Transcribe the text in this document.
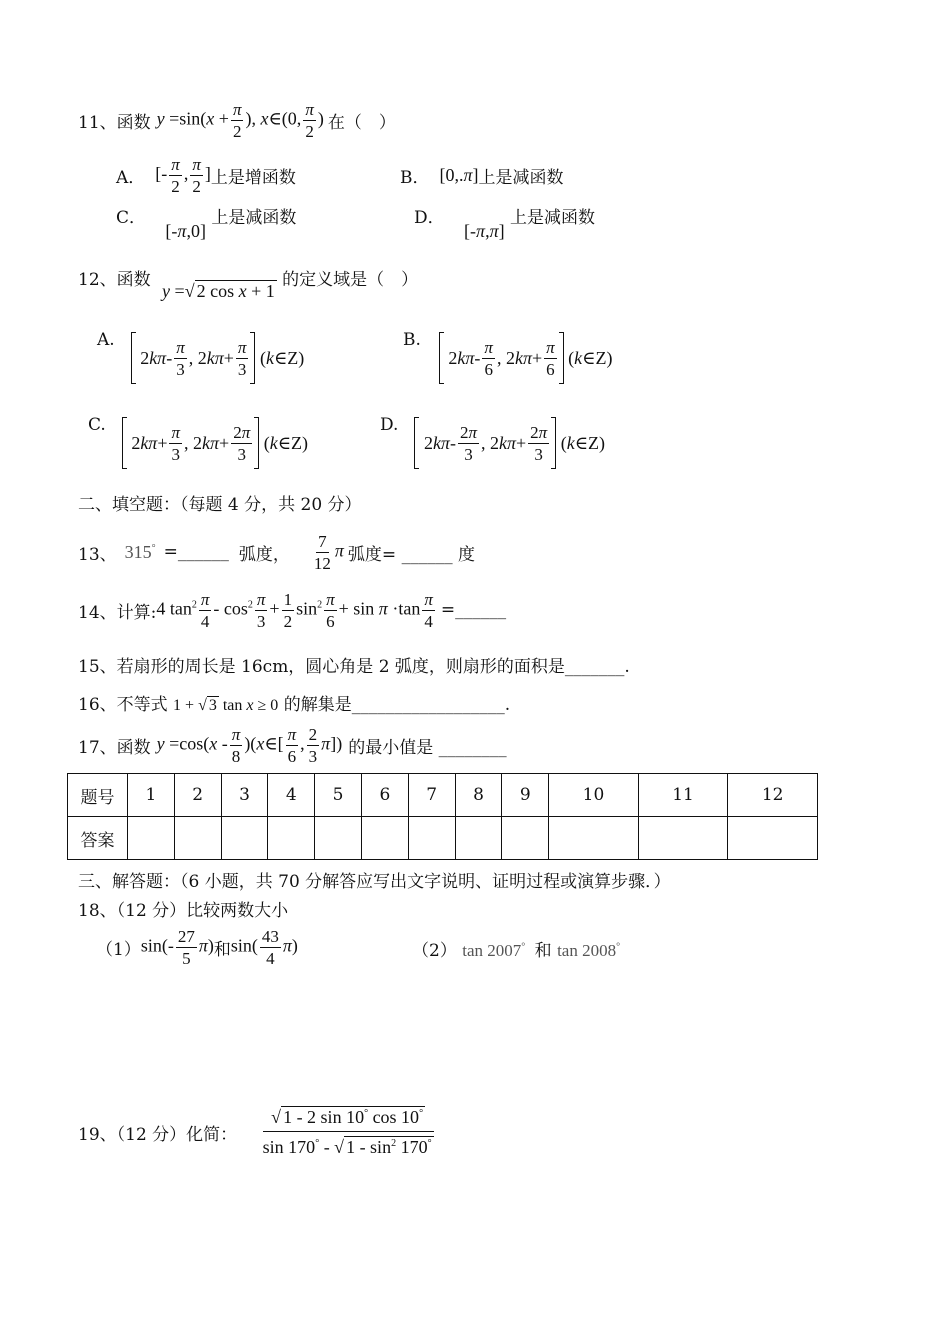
11、函数 $y =\sin(x + \frac{\pi}{2}$ ), x∈(0, $\frac{\pi}{2}$ ) 在（　）
A． [- $\frac{\pi}{2}$ , $\frac{\pi}{2}$ ] 上是增函数	B． [0,.π] 上是减函数
C． [-π,0] 上是减函数	D． [-π,π] 上是减函数
12、函数 y =√ 2 cos x + 1 的定义域是（　）
A.
2 kπ - $\frac{\pi}{3}$ , 2 $k\pi + \frac{\pi}{3}$ ( k ∈Z)
B.
2 kπ - $\frac{\pi}{6}$ , 2 $k\pi + \frac{\pi}{6}$ ( k ∈Z)
C.
2 $k\pi + \frac{\pi}{3}$ , 2 $k\pi + \frac{2\pi}{3}$ ( k ∈Z)
D.
2 kπ - $\frac{2\pi}{3}$ , 2 $k\pi + \frac{2\pi}{3}$ ( k ∈Z)
二、填空题：（每题 4 分，共 20 分）
13、 315° =______ 弧度， $\frac{7}{12}$ π 弧度= ______ 度
14、计算: 4 $\tan^2 \frac{\pi}{4} - \cos^2 \frac{\pi}{3} + \frac{1}{2} \sin^2 \frac{\pi}{6} + \sin \pi \cdot\tan \frac{\pi}{4}$ =______
15、若扇形的周长是 16cm，圆心角是 2 弧度，则扇形的面积是_______.
16、不等式 1 + √ 3 tan x ≥ 0 的解集是__________________.
17、函数 $y =\cos(x - \frac{\pi}{8}$ )(x∈[ $\frac{\pi}{6}$ , $\frac{2}{3} \pi$]) 的最小值是 ________
题号	1	2	3	4	5	6	7	8	9	10	11	12
答案												
三、解答题：（6 小题，共 70 分解答应写出文字说明、证明过程或演算步骤．）
18、（12 分）比较两数大小
（1） $\sin(- \frac{27}{5} \pi)$ 和 $\sin( \frac{43}{4} \pi)$	（2） tan 2007° 和 tan 2008°
19、（12 分）化简：
√ 1 - 2 sin 10° cos 10°
sin 170° - √ $1 - \sin^2 170^\circ$
